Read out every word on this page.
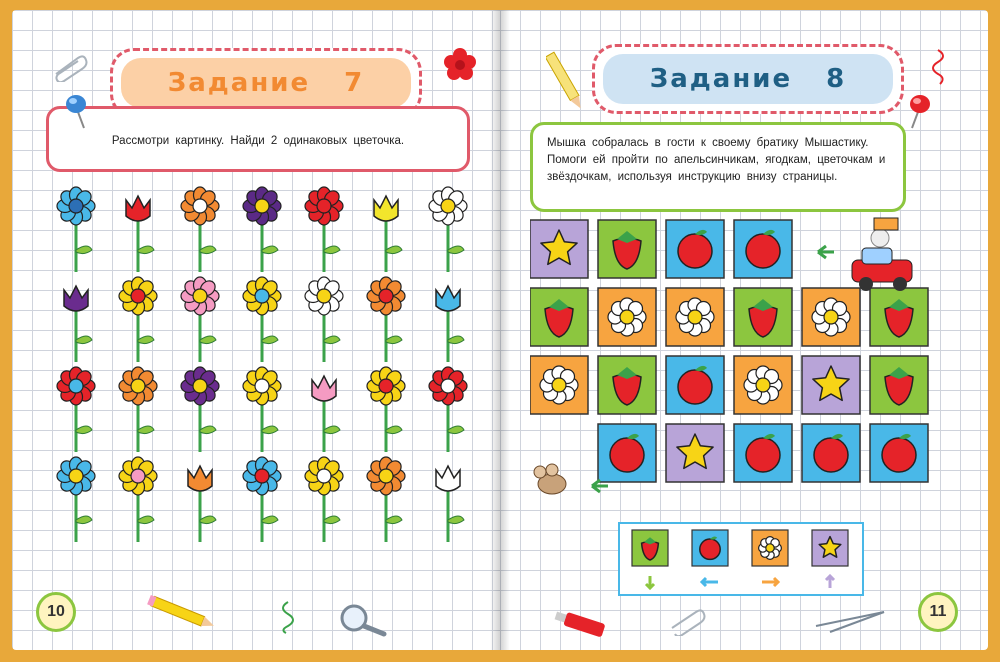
Задание 7
Рассмотри картинку. Найди 2 одинаковых цветочка.
10
Задание 8
Мышка собралась в гости к своему братику Мышастику. Помоги ей пройти по апельсинчикам, ягодкам, цветочкам и звёздочкам, используя инструкцию внизу страницы.
11
